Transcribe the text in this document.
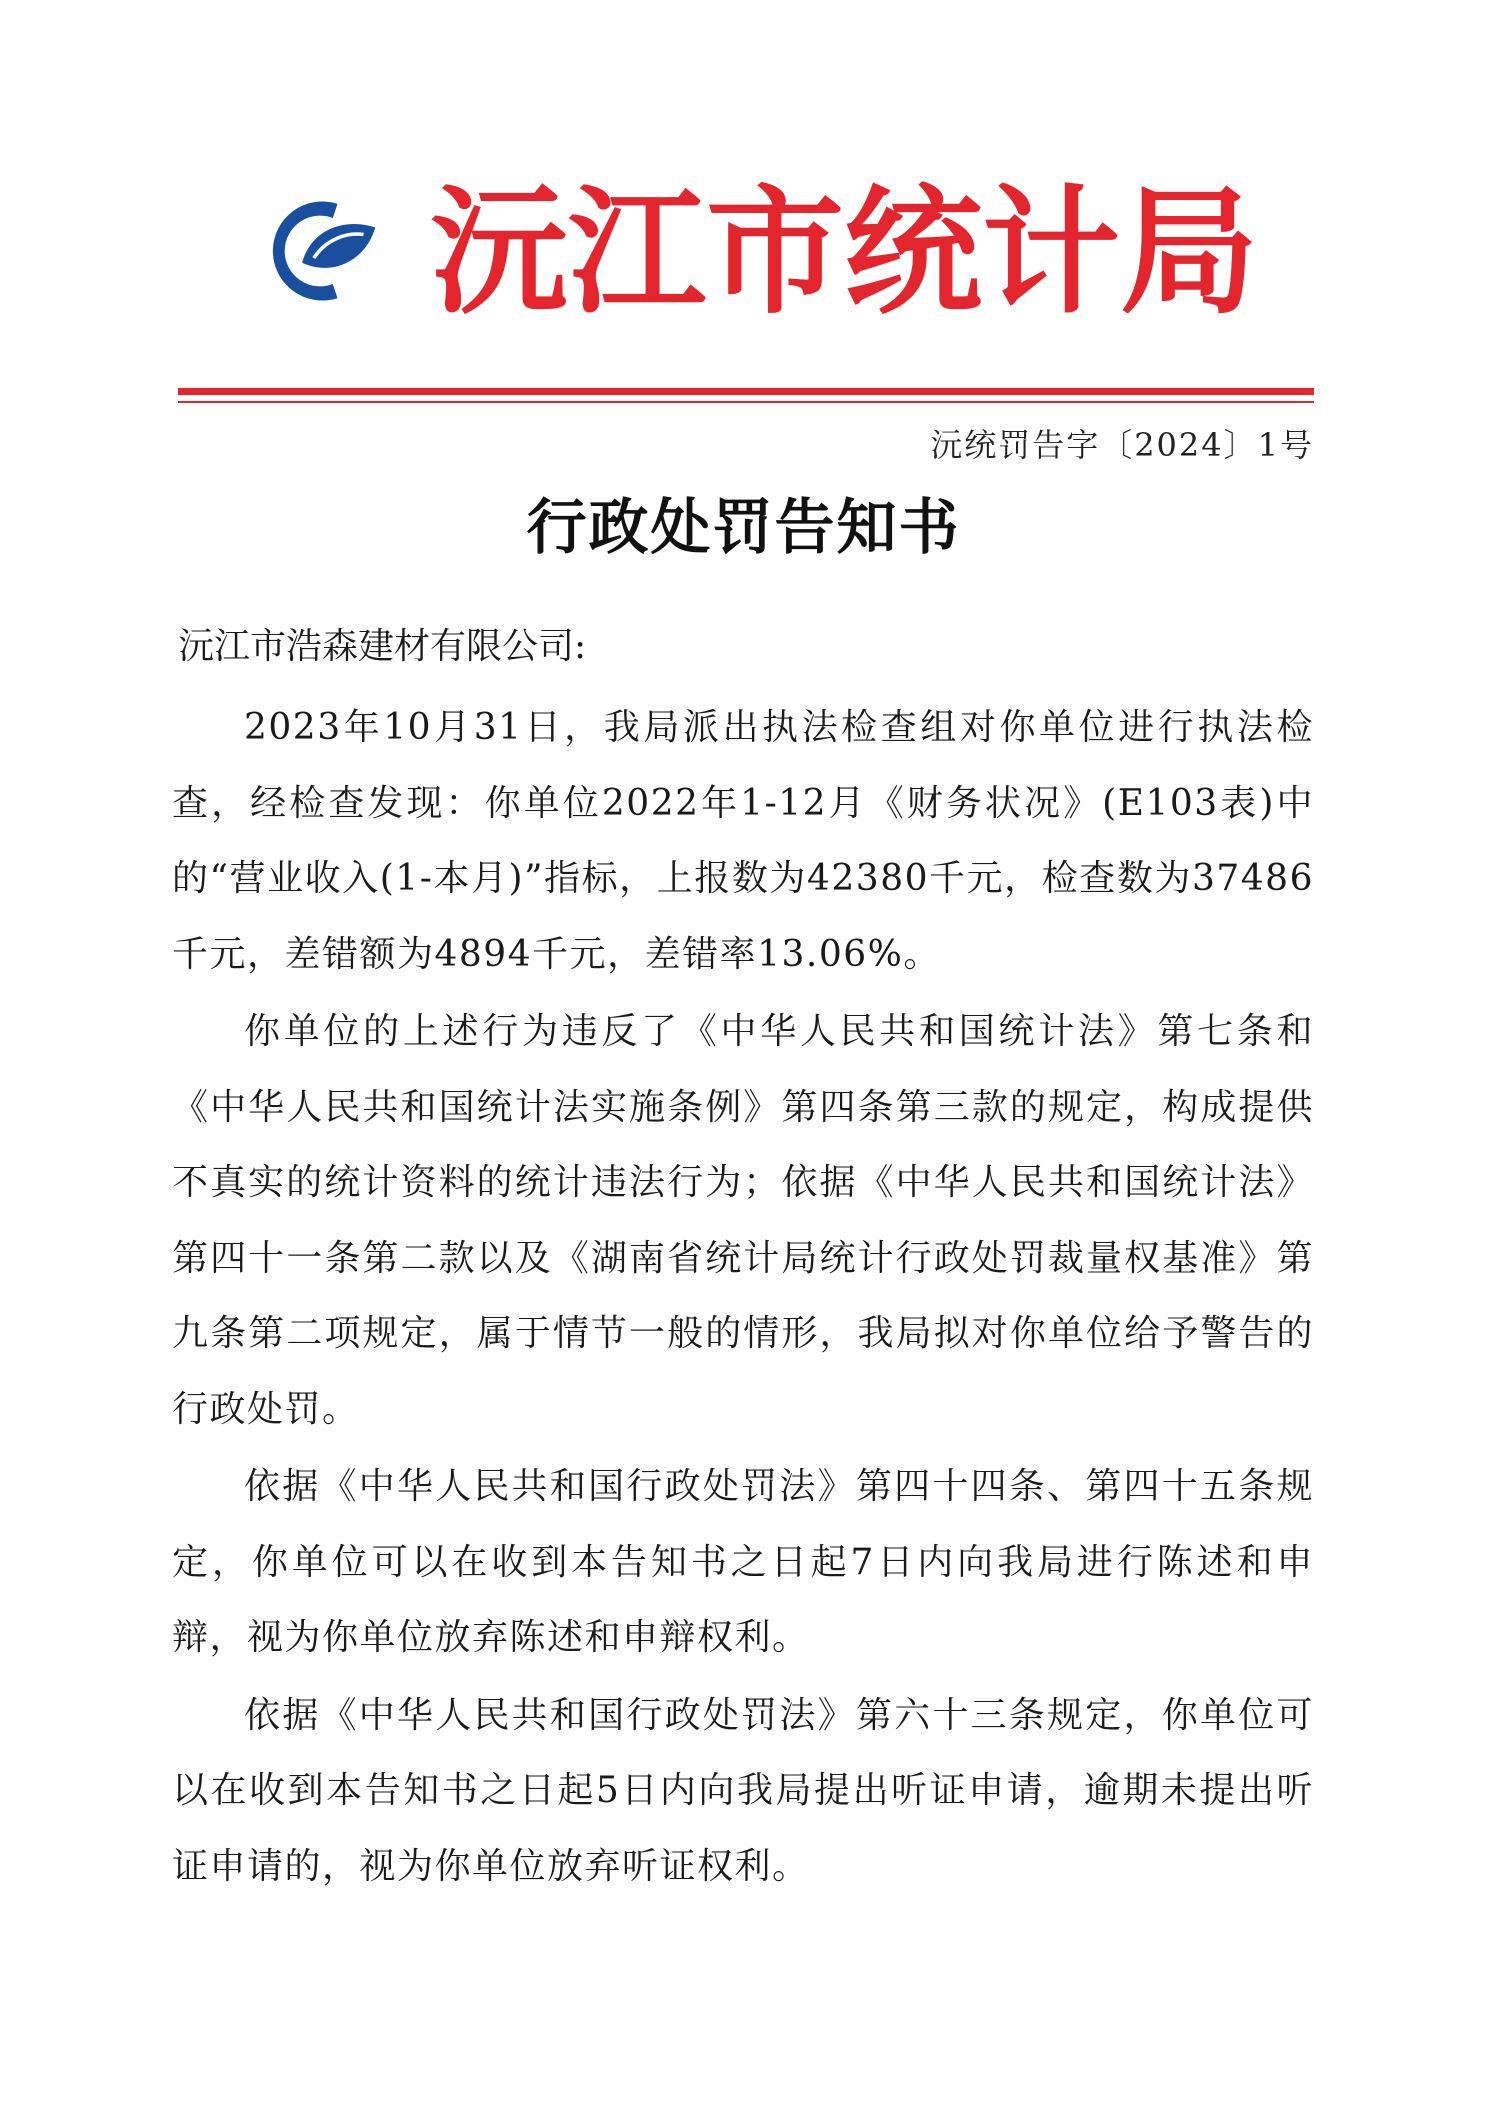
沅 江 市 统 计 局
沅统罚告字〔2024〕1号
行政处罚告知书
沅江市浩森建材有限公司:

2023年10月31日，我局派出执法检查组对你单位进行执法检查，经检查发现：你单位2022年1-12月《财务状况》(E103表)中的“营业收入(1-本月)”指标，上报数为42380千元，检查数为37486千元，差错额为4894千元，差错率13.06%。

你单位的上述行为违反了《中华人民共和国统计法》第七条和《中华人民共和国统计法实施条例》第四条第三款的规定，构成提供不真实的统计资料的统计违法行为；依据《中华人民共和国统计法》第四十一条第二款以及《湖南省统计局统计行政处罚裁量权基准》第九条第二项规定，属于情节一般的情形，我局拟对你单位给予警告的行政处罚。

依据《中华人民共和国行政处罚法》第四十四条、第四十五条规定，你单位可以在收到本告知书之日起7日内向我局进行陈述和申辩，视为你单位放弃陈述和申辩权利。

依据《中华人民共和国行政处罚法》第六十三条规定，你单位可以在收到本告知书之日起5日内向我局提出听证申请，逾期未提出听证申请的，视为你单位放弃听证权利。
